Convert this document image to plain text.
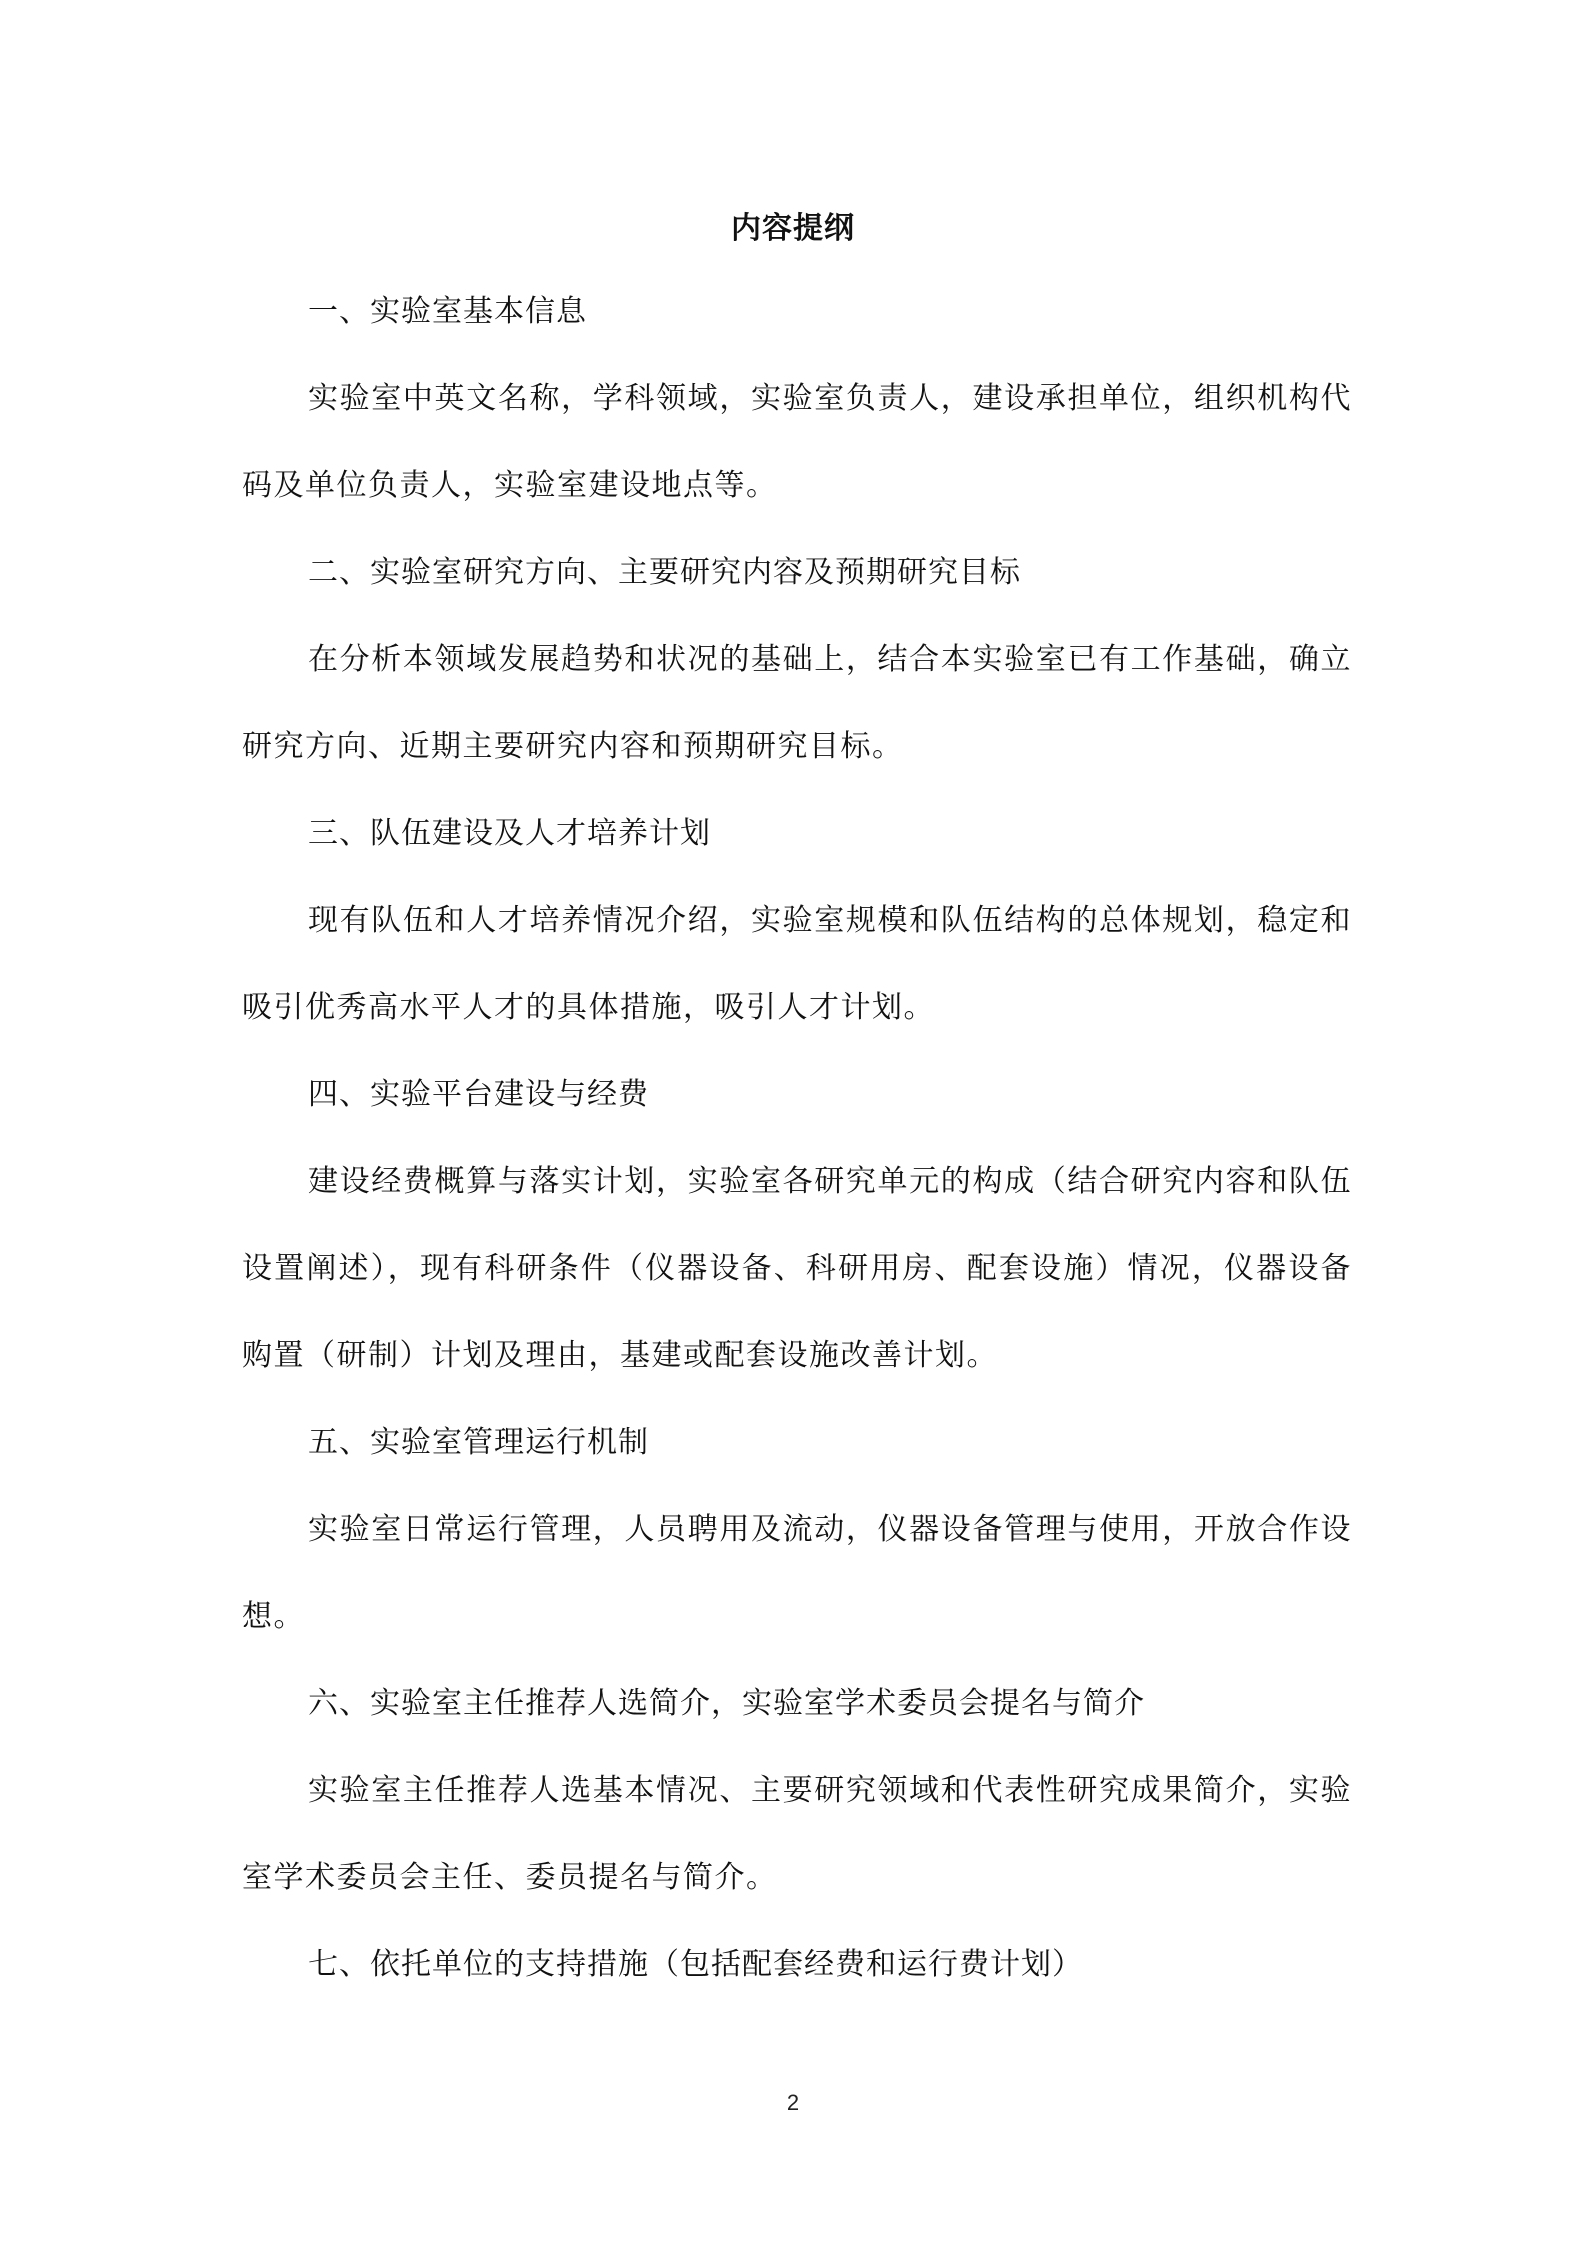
内容提纲

一、实验室基本信息

实验室中英文名称，学科领域，实验室负责人，建设承担单位，组织机构代码及单位负责人，实验室建设地点等。

二、实验室研究方向、主要研究内容及预期研究目标

在分析本领域发展趋势和状况的基础上，结合本实验室已有工作基础，确立研究方向、近期主要研究内容和预期研究目标。

三、队伍建设及人才培养计划

现有队伍和人才培养情况介绍，实验室规模和队伍结构的总体规划，稳定和吸引优秀高水平人才的具体措施，吸引人才计划。

四、实验平台建设与经费

建设经费概算与落实计划，实验室各研究单元的构成（结合研究内容和队伍设置阐述），现有科研条件（仪器设备、科研用房、配套设施）情况，仪器设备购置（研制）计划及理由，基建或配套设施改善计划。

五、实验室管理运行机制

实验室日常运行管理，人员聘用及流动，仪器设备管理与使用，开放合作设想。

六、实验室主任推荐人选简介，实验室学术委员会提名与简介

实验室主任推荐人选基本情况、主要研究领域和代表性研究成果简介，实验室学术委员会主任、委员提名与简介。

七、依托单位的支持措施（包括配套经费和运行费计划）

2
